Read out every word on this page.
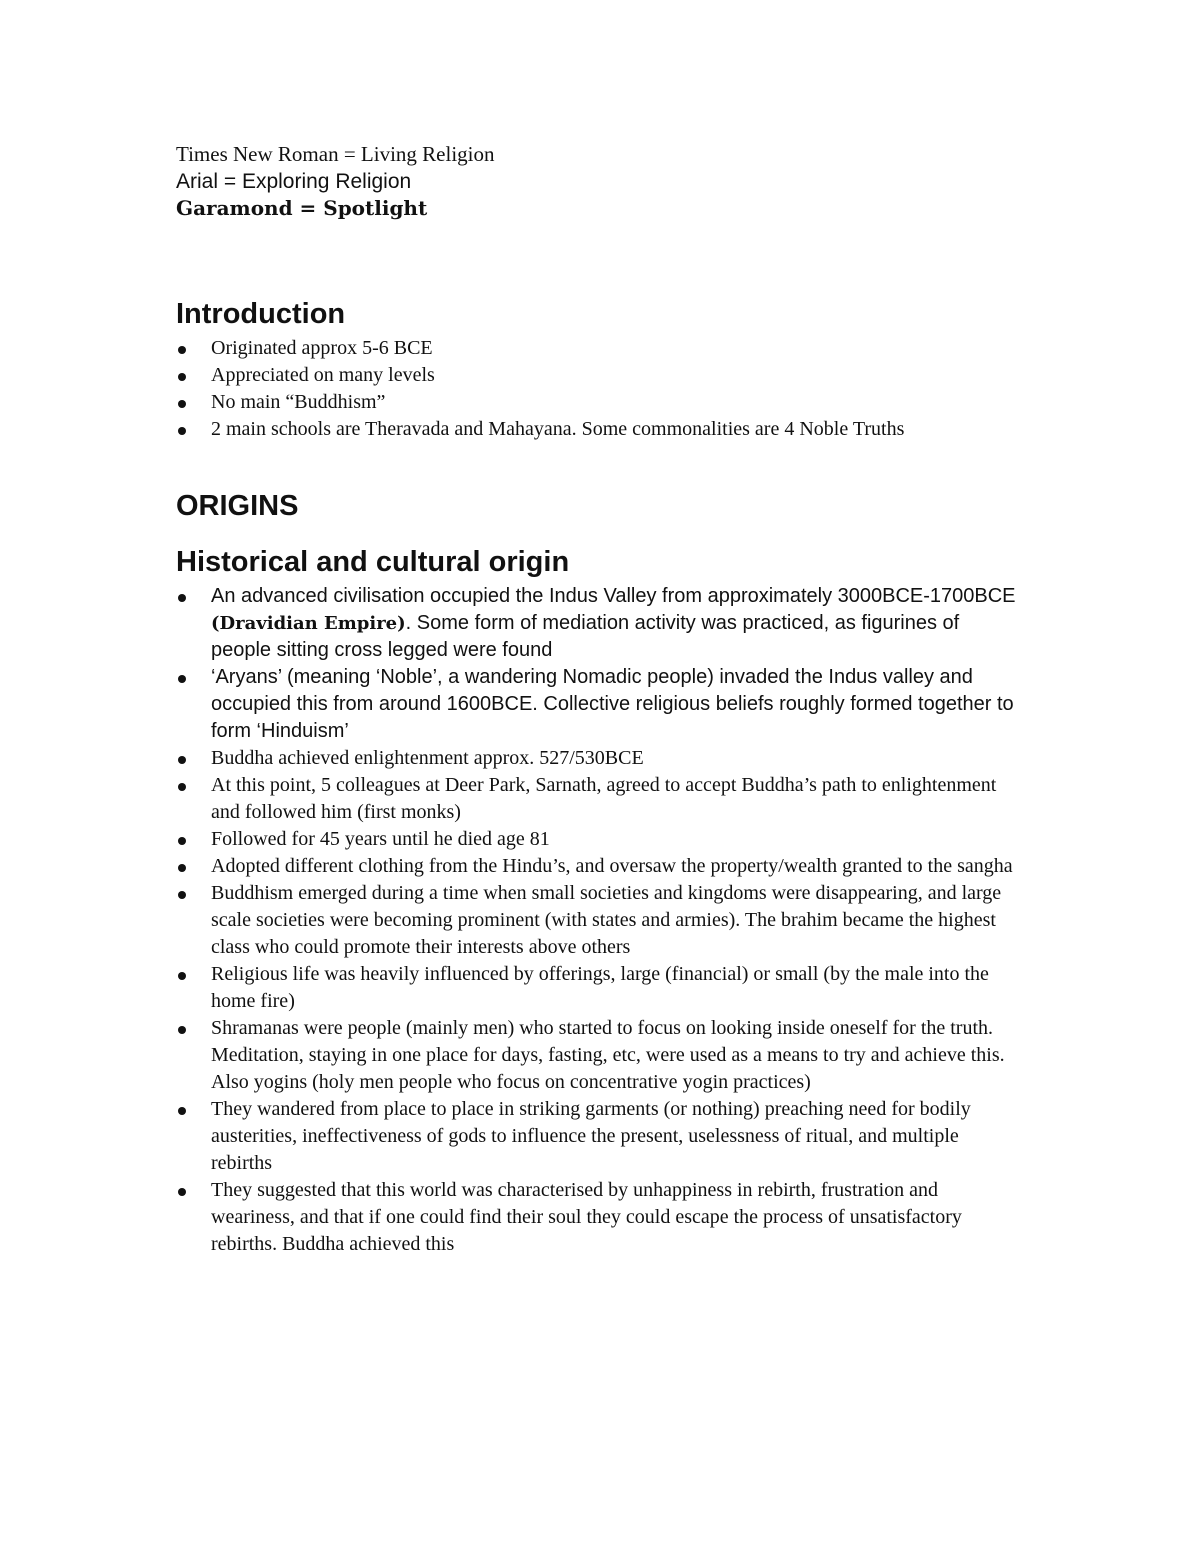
Times New Roman = Living Religion
Arial = Exploring Religion
Garamond = Spotlight
Introduction
Originated approx 5-6 BCE
Appreciated on many levels
No main “Buddhism”
2 main schools are Theravada and Mahayana. Some commonalities are 4 Noble Truths
ORIGINS
Historical and cultural origin
An advanced civilisation occupied the Indus Valley from approximately 3000BCE-1700BCE (Dravidian Empire). Some form of mediation activity was practiced, as figurines of people sitting cross legged were found
‘Aryans’ (meaning ‘Noble’, a wandering Nomadic people) invaded the Indus valley and occupied this from around 1600BCE. Collective religious beliefs roughly formed together to form ‘Hinduism’
Buddha achieved enlightenment approx. 527/530BCE
At this point, 5 colleagues at Deer Park, Sarnath, agreed to accept Buddha’s path to enlightenment and followed him (first monks)
Followed for 45 years until he died age 81
Adopted different clothing from the Hindu’s, and oversaw the property/wealth granted to the sangha
Buddhism emerged during a time when small societies and kingdoms were disappearing, and large scale societies were becoming prominent (with states and armies). The brahim became the highest class who could promote their interests above others
Religious life was heavily influenced by offerings, large (financial) or small (by the male into the home fire)
Shramanas were people (mainly men) who started to focus on looking inside oneself for the truth. Meditation, staying in one place for days, fasting, etc, were used as a means to try and achieve this. Also yogins (holy men people who focus on concentrative yogin practices)
They wandered from place to place in striking garments (or nothing) preaching need for bodily austerities, ineffectiveness of gods to influence the present, uselessness of ritual, and multiple rebirths
They suggested that this world was characterised by unhappiness in rebirth, frustration and weariness, and that if one could find their soul they could escape the process of unsatisfactory rebirths. Buddha achieved this
